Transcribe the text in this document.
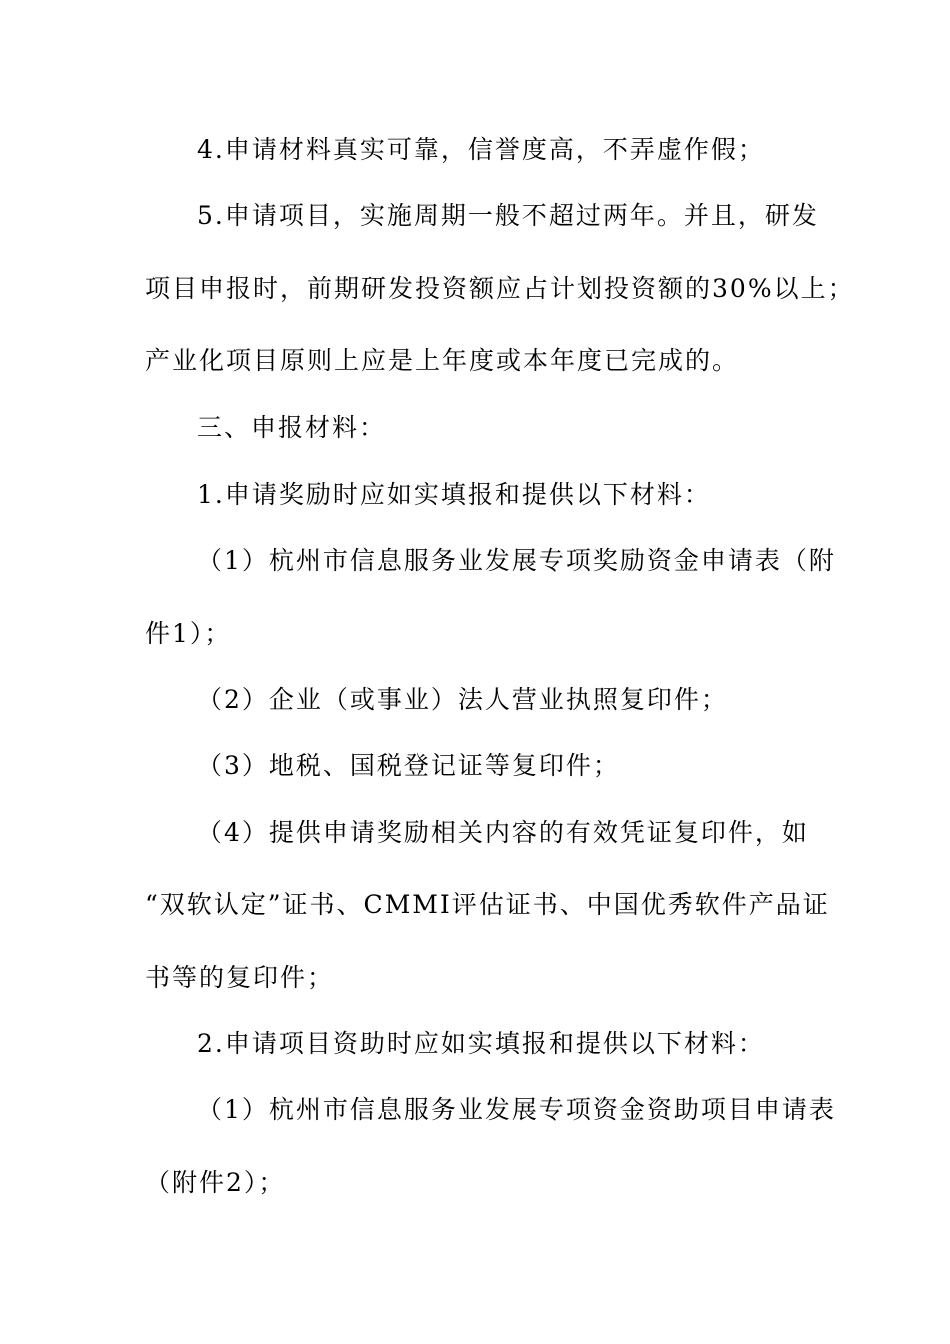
4.申请材料真实可靠，信誉度高，不弄虚作假；
5.申请项目，实施周期一般不超过两年。并且，研发
项目申报时，前期研发投资额应占计划投资额的30%以上；
产业化项目原则上应是上年度或本年度已完成的。
三、申报材料：
1.申请奖励时应如实填报和提供以下材料：
（1）杭州市信息服务业发展专项奖励资金申请表（附
件1）；
（2）企业（或事业）法人营业执照复印件；
（3）地税、国税登记证等复印件；
（4）提供申请奖励相关内容的有效凭证复印件，如
“双软认定”证书、CMMI评估证书、中国优秀软件产品证
书等的复印件；
2.申请项目资助时应如实填报和提供以下材料：
（1）杭州市信息服务业发展专项资金资助项目申请表
（附件2）；
